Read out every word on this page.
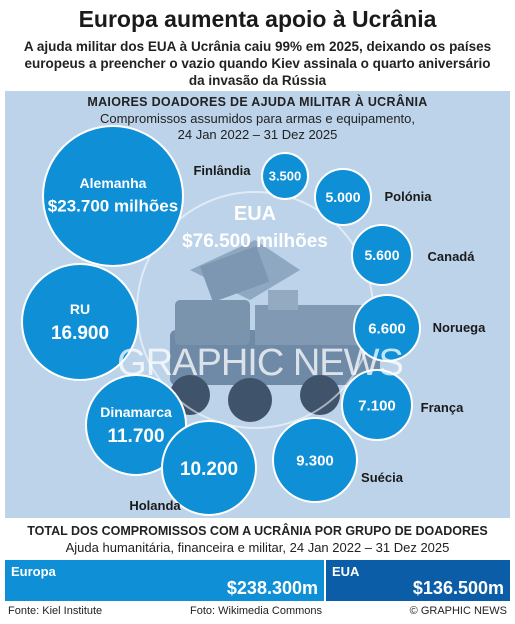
Europa aumenta apoio à Ucrânia
A ajuda militar dos EUA à Ucrânia caiu 99% em 2025, deixando os países europeus a preencher o vazio quando Kiev assinala o quarto aniversário da invasão da Rússia
MAIORES DOADORES DE AJUDA MILITAR À UCRÂNIA
Compromissos assumidos para armas e equipamento,
24 Jan 2022 – 31 Dez 2025
EUA
$76.500 milhões
Alemanha
$23.700 milhões
RU
16.900
Dinamarca
11.700
10.200
Holanda
9.300
Suécia
7.100 França
6.600 Noruega
5.600 Canadá
5.000 Polónia
3.500
Finlândia
GRAPHIC NEWS
TOTAL DOS COMPROMISSOS COM A UCRÂNIA POR GRUPO DE DOADORES
Ajuda humanitária, financeira e militar, 24 Jan 2022 – 31 Dez 2025
Europa
$238.300m
EUA
$136.500m
Fonte: Kiel Institute	Foto: Wikimedia Commons	© GRAPHIC NEWS
